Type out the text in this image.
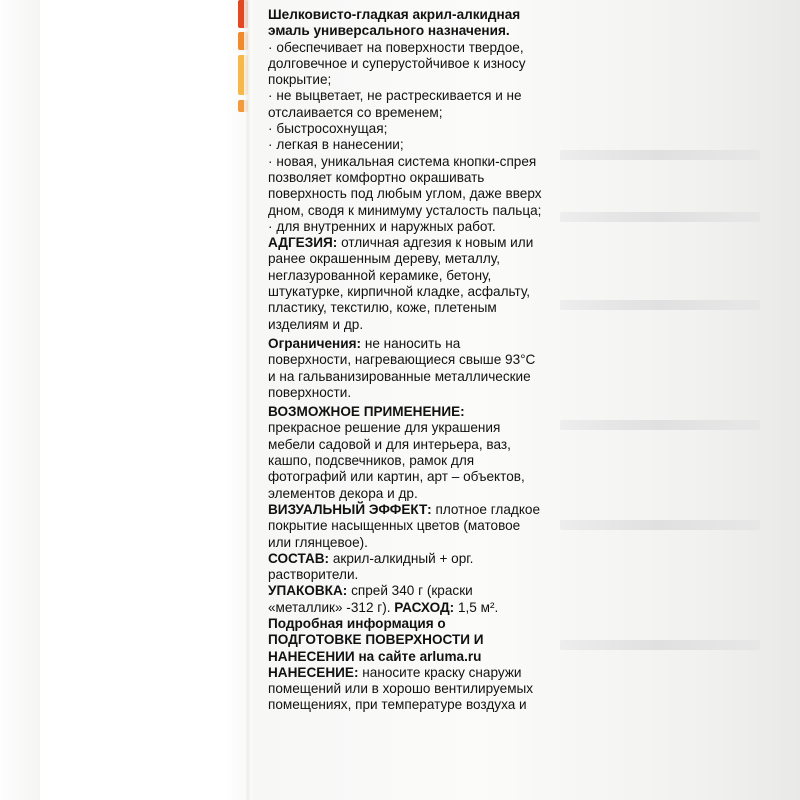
Шелковисто-гладкая акрил-алкидная эмаль универсального назначения.

· обеспечивает на поверхности твердое, долговечное и суперустойчивое к износу покрытие;

· не выцветает, не растрескивается и не отслаивается со временем;

· быстросохнущая;

· легкая в нанесении;

· новая, уникальная система кнопки-спрея позволяет комфортно окрашивать поверхность под любым углом, даже вверх дном, сводя к минимуму усталость пальца;

· для внутренних и наружных работ.

АДГЕЗИЯ: отличная адгезия к новым или ранее окрашенным дереву, металлу, неглазурованной керамике, бетону, штукатурке, кирпичной кладке, асфальту, пластику, текстилю, коже, плетеным изделиям и др.

Ограничения: не наносить на поверхности, нагревающиеся свыше 93°С и на гальванизированные металлические поверхности.

ВОЗМОЖНОЕ ПРИМЕНЕНИЕ:

прекрасное решение для украшения мебели садовой и для интерьера, ваз, кашпо, подсвечников, рамок для фотографий или картин, арт – объектов, элементов декора и др.

ВИЗУАЛЬНЫЙ ЭФФЕКТ: плотное гладкое покрытие насыщенных цветов (матовое или глянцевое).

СОСТАВ: акрил-алкидный + орг. растворители.

УПАКОВКА: спрей 340 г (краски «металлик» -312 г). РАСХОД: 1,5 м².

Подробная информация о ПОДГОТОВКЕ ПОВЕРХНОСТИ И НАНЕСЕНИИ на сайте arluma.ru

НАНЕСЕНИЕ: наносите краску снаружи помещений или в хорошо вентилируемых помещениях, при температуре воздуха и
